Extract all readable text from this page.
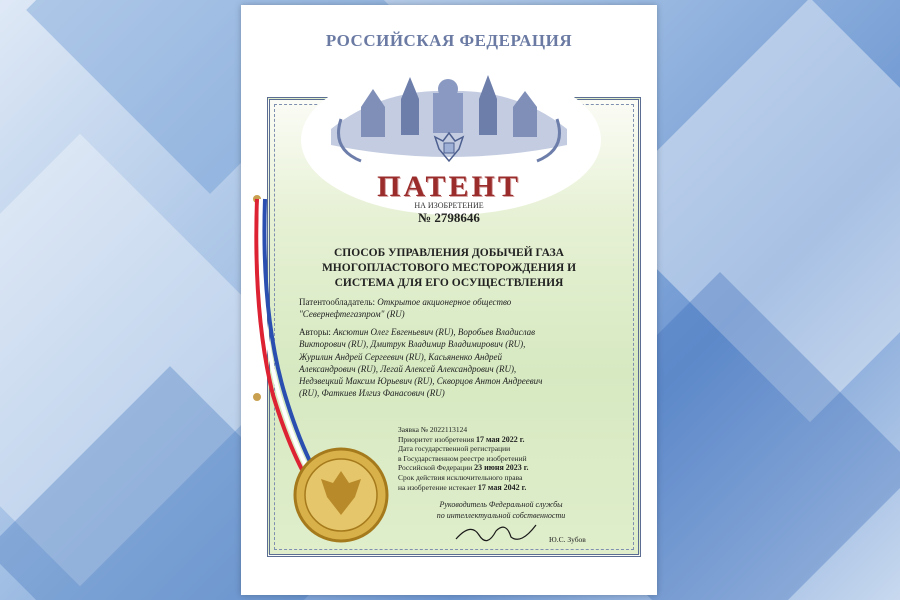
РОССИЙСКАЯ ФЕДЕРАЦИЯ
ПАТЕНТ
НА ИЗОБРЕТЕНИЕ
№ 2798646
СПОСОБ УПРАВЛЕНИЯ ДОБЫЧЕЙ ГАЗА
МНОГОПЛАСТОВОГО МЕСТОРОЖДЕНИЯ И
СИСТЕМА ДЛЯ ЕГО ОСУЩЕСТВЛЕНИЯ
Патентообладатель: Открытое акционерное общество
"Севернефтегазпром" (RU)
Авторы: Аксютин Олег Евгеньевич (RU), Воробьев Владислав
Викторович (RU), Дмитрук Владимир Владимирович (RU),
Журилин Андрей Сергеевич (RU), Касьяненко Андрей
Александрович (RU), Легай Алексей Александрович (RU),
Недзвецкий Максим Юрьевич (RU), Скворцов Антон Андреевич
(RU), Фаткиев Илгиз Фанасович (RU)
Заявка № 2022113124
Приоритет изобретения 17 мая 2022 г.
Дата государственной регистрации
в Государственном реестре изобретений
Российской Федерации 23 июня 2023 г.
Срок действия исключительного права
на изобретение истекает 17 мая 2042 г.
Руководитель Федеральной службы
по интеллектуальной собственности
Ю.С. Зубов
